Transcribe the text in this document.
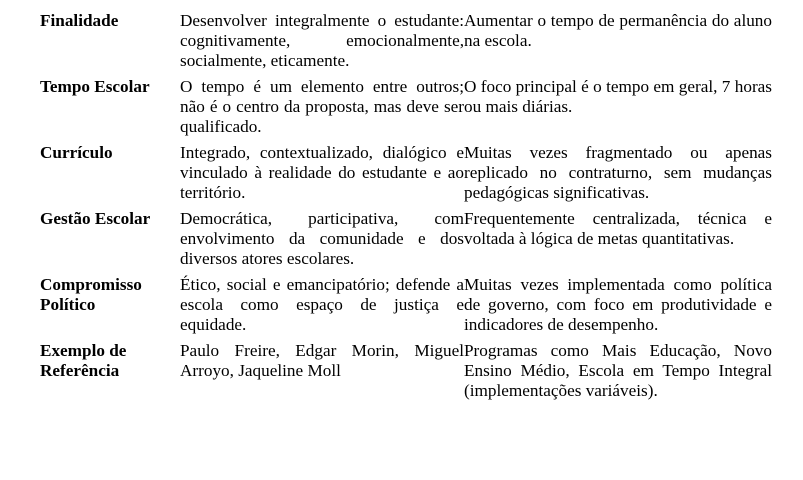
Finalidade	Desenvolver integralmente o estudante: cognitivamente, emocionalmente, socialmente, eticamente.	Aumentar o tempo de permanência do aluno na escola.
Tempo Escolar	O tempo é um elemento entre outros; não é o centro da proposta, mas deve ser qualificado.	O foco principal é o tempo em geral, 7 horas ou mais diárias.
Currículo	Integrado, contextualizado, dialógico e vinculado à realidade do estudante e ao território.	Muitas vezes fragmentado ou apenas replicado no contraturno, sem mudanças pedagógicas significativas.
Gestão Escolar	Democrática, participativa, com envolvimento da comunidade e dos diversos atores escolares.	Frequentemente centralizada, técnica e voltada à lógica de metas quantitativas.
Compromisso Político	Ético, social e emancipatório; defende a escola como espaço de justiça e equidade.	Muitas vezes implementada como política de governo, com foco em produtividade e indicadores de desempenho.
Exemplo de Referência	Paulo Freire, Edgar Morin, Miguel Arroyo, Jaqueline Moll	Programas como Mais Educação, Novo Ensino Médio, Escola em Tempo Integral (implementações variáveis).
